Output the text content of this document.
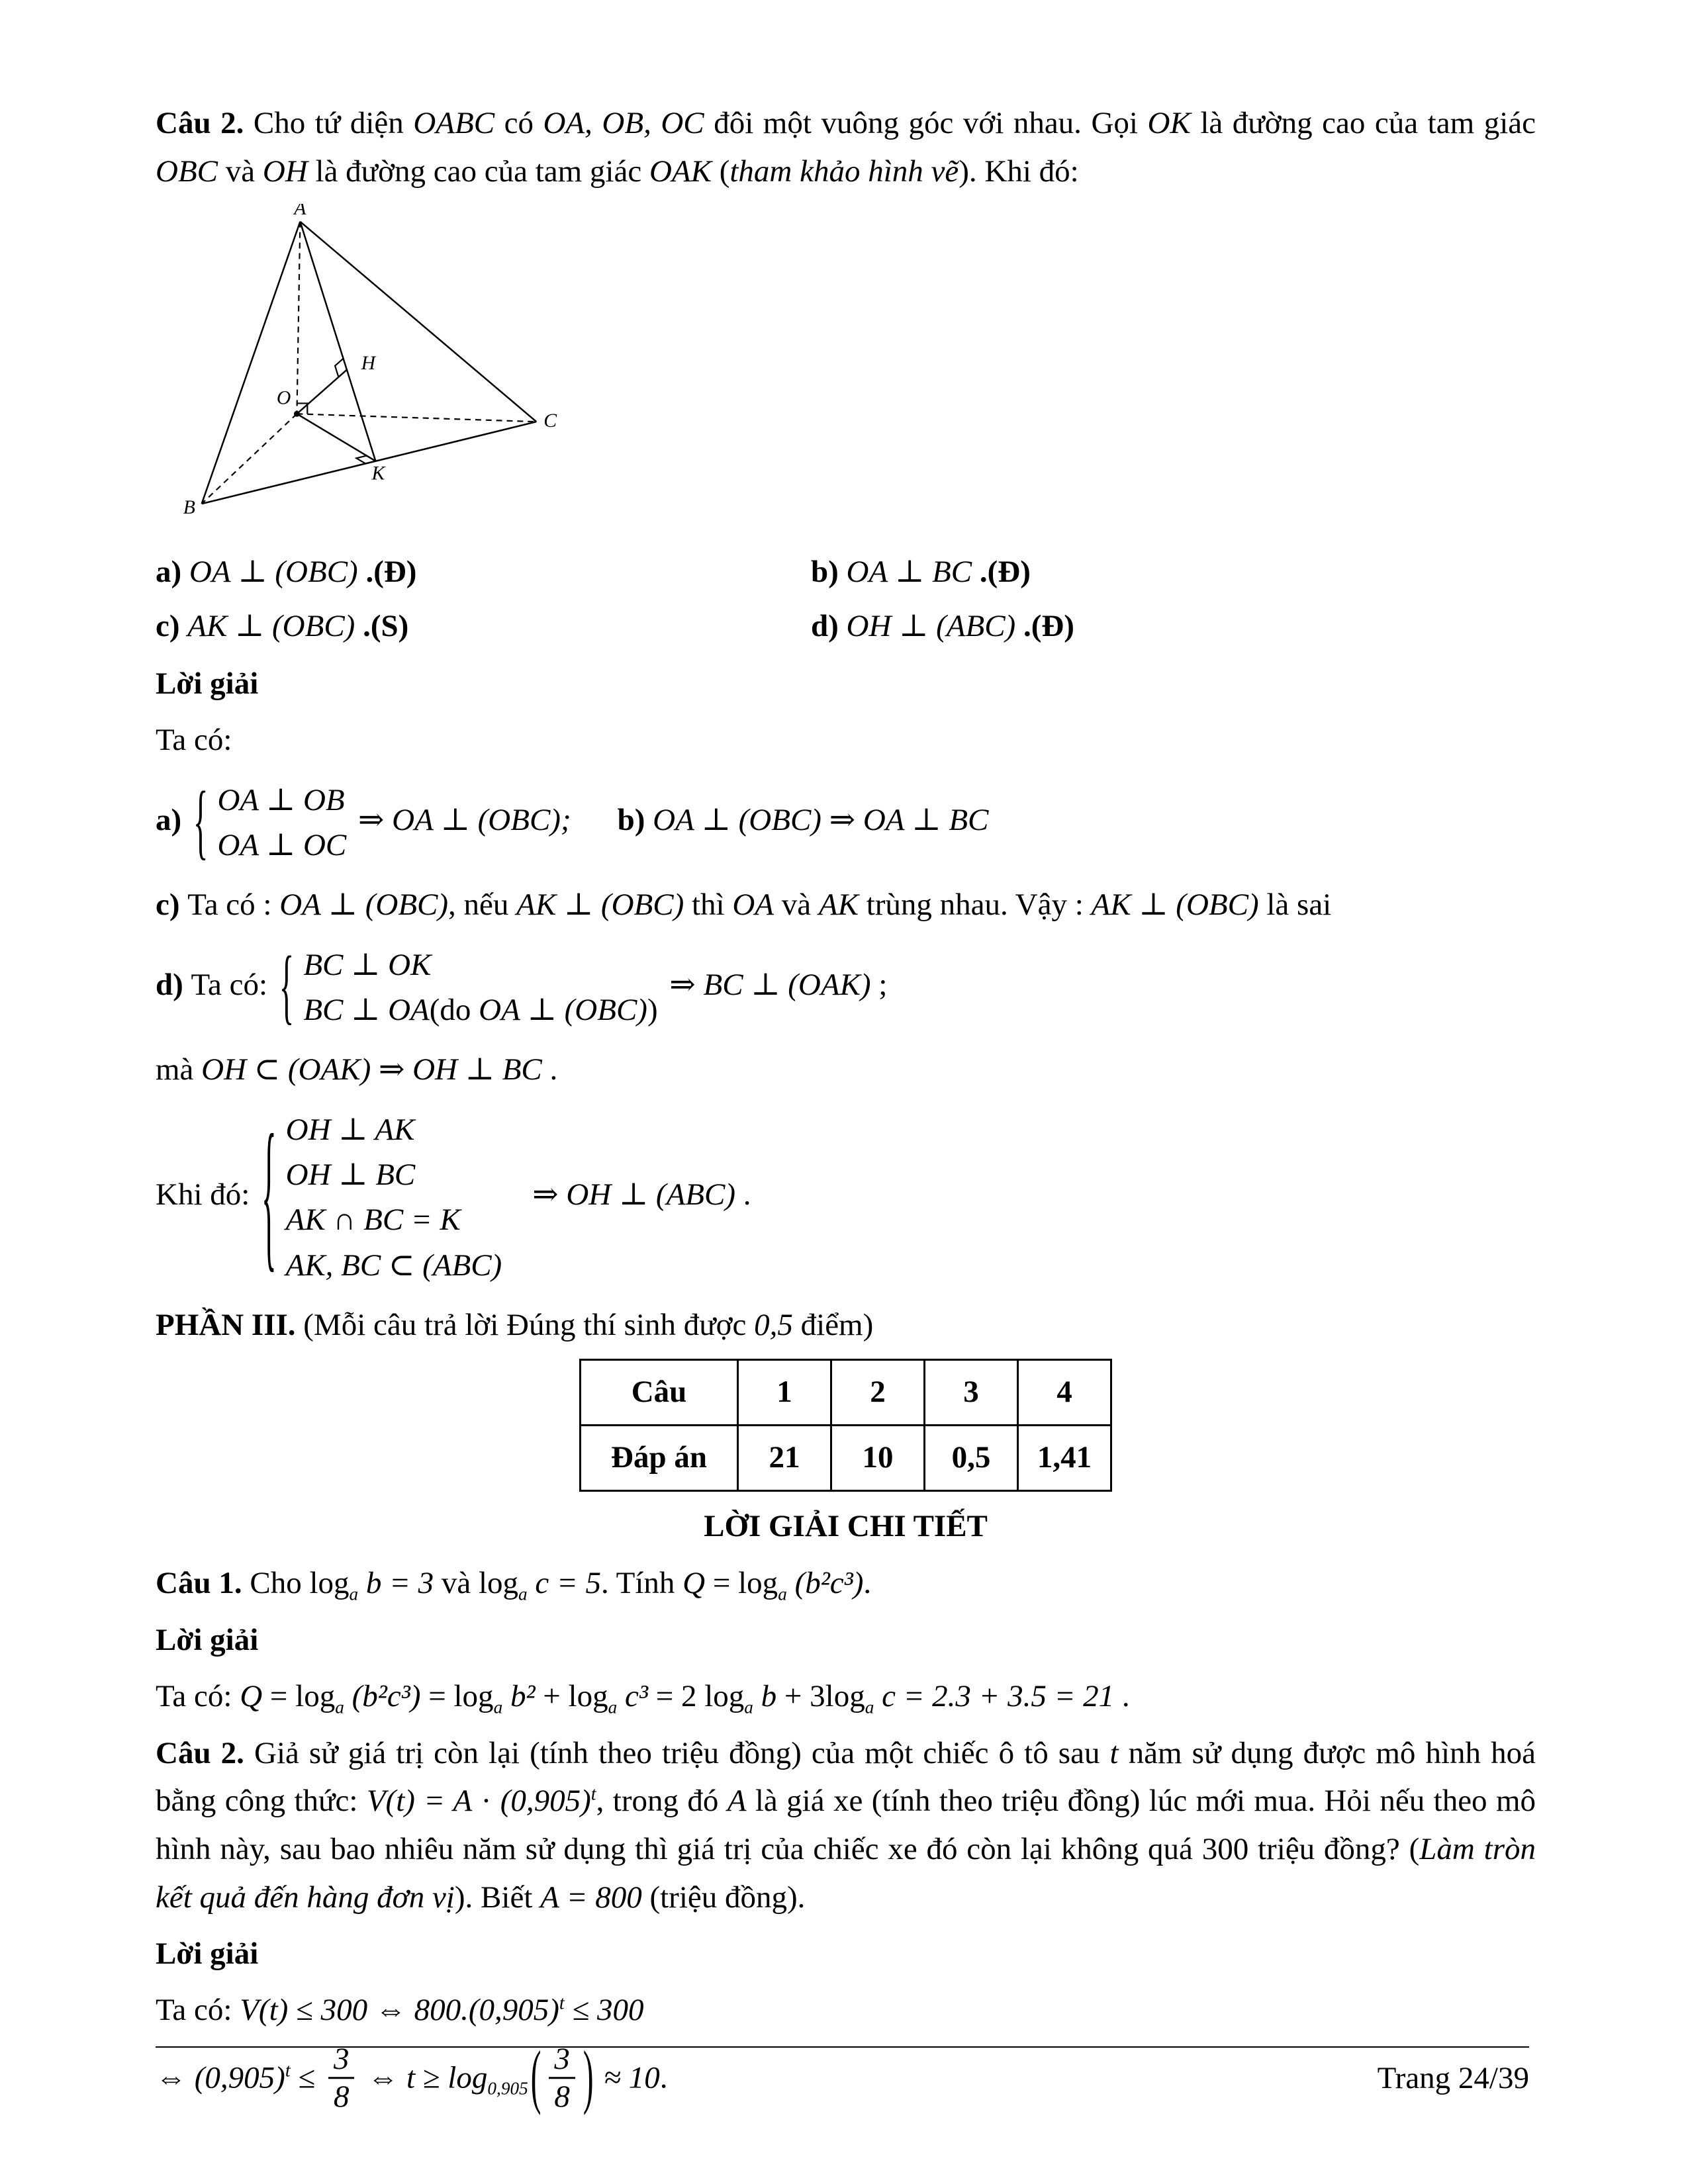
Câu 2. Cho tứ diện OABC có OA, OB, OC đôi một vuông góc với nhau. Gọi OK là đường cao của tam giác OBC và OH là đường cao của tam giác OAK (tham khảo hình vẽ). Khi đó:

A
B
C
O
H
K

a) OA ⊥ (OBC) .(Đ)	b) OA ⊥ BC .(Đ)

c) AK ⊥ (OBC) .(S)	d) OH ⊥ (ABC) .(Đ)

Lời giải

Ta có:

a) { OA ⊥ OB
OA ⊥ OC
⇒ OA ⊥ (OBC); b) OA ⊥ (OBC) ⇒ OA ⊥ BC

c) Ta có : OA ⊥ (OBC), nếu AK ⊥ (OBC) thì OA và AK trùng nhau. Vậy : AK ⊥ (OBC) là sai

d) Ta có: { BC ⊥ OK
BC ⊥ OA(do OA ⊥ (OBC))
⇒ BC ⊥ (OAK) ;

mà OH ⊂ (OAK) ⇒ OH ⊥ BC .

Khi đó: { OH ⊥ AK
OH ⊥ BC
AK ∩ BC = K
AK, BC ⊂ (ABC)
⇒ OH ⊥ (ABC) .

PHẦN III. (Mỗi câu trả lời Đúng thí sinh được 0,5 điểm)

Câu	1	2	3	4
Đáp án	21	10	0,5	1,41

LỜI GIẢI CHI TIẾT

Câu 1. Cho $\log_a b = 3$ và $\log_a c = 5$. Tính $Q = \log_a (b^2c^3)$.

Lời giải

Ta có: $Q = \log_a (b^2c^3) = \log_a b^2 + \log_a c^3 = 2$ $\log_a b + 3\log_a$ c = 2.3 + 3.5 = 21 .

Câu 2. Giả sử giá trị còn lại (tính theo triệu đồng) của một chiếc ô tô sau t năm sử dụng được mô hình hoá bằng công thức: $V(t) = A \cdot (0,905)^t$, trong đó A là giá xe (tính theo triệu đồng) lúc mới mua. Hỏi nếu theo mô hình này, sau bao nhiêu năm sử dụng thì giá trị của chiếc xe đó còn lại không quá 300 triệu đồng? (Làm tròn kết quả đến hàng đơn vị). Biết A = 800 (triệu đồng).

Lời giải

Ta có: V(t) ≤ 300 ⇔ $800.(0,905)^t \le 300$

⇔ $(0,905)^t \le \frac{3}{8}$ ⇔ $t \ge \log_{0,905}( \frac{3}{8}$ ) ≈ 10.	Trang 24/39
